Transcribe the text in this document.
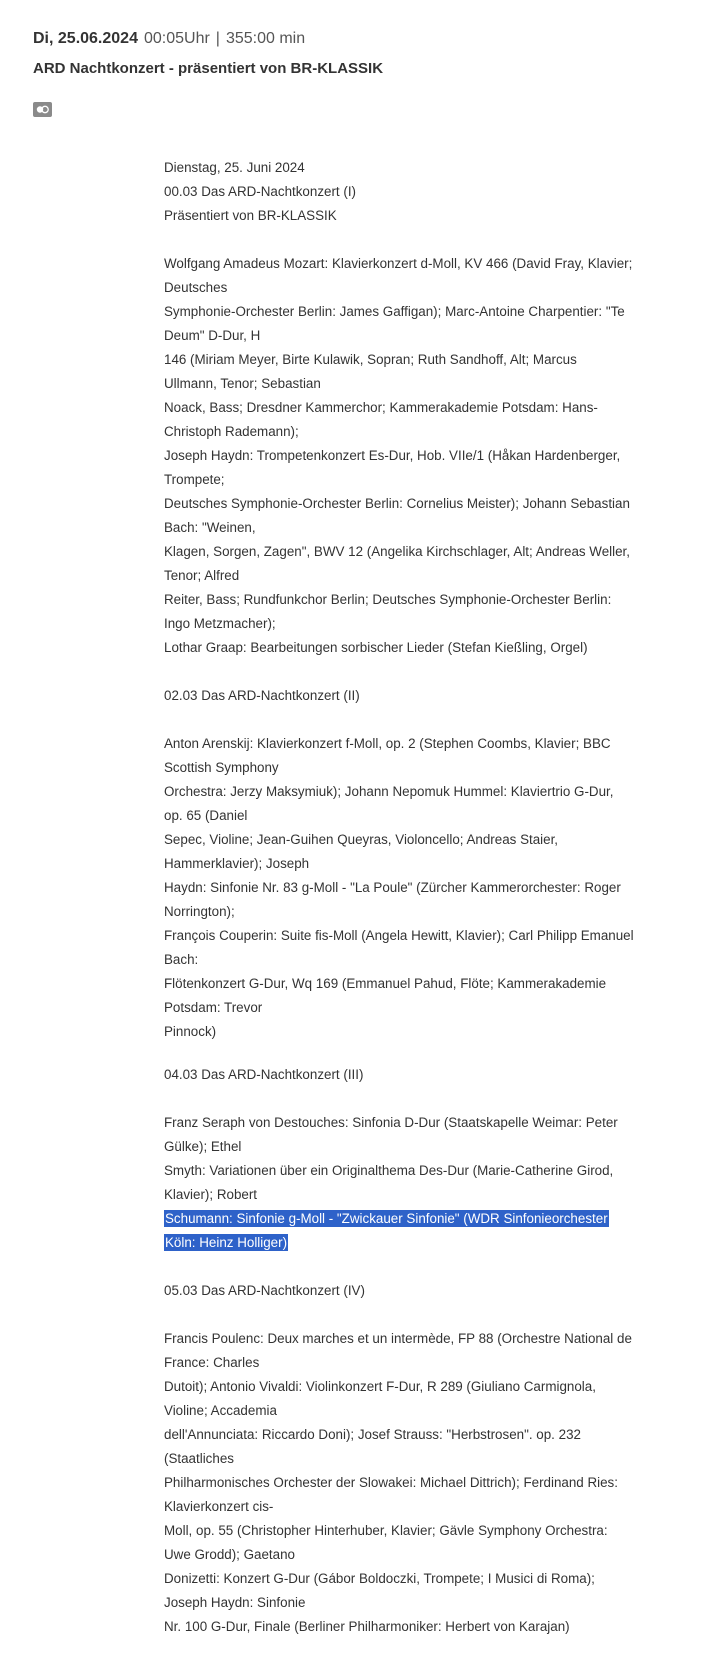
Di, 25.06.2024 00:05Uhr | 355:00 min
ARD Nachtkonzert - präsentiert von BR-KLASSIK
Dienstag, 25. Juni 2024
00.03 Das ARD-Nachtkonzert (I)
Präsentiert von BR-KLASSIK
Wolfgang Amadeus Mozart: Klavierkonzert d-Moll, KV 466 (David Fray, Klavier;
Deutsches
Symphonie-Orchester Berlin: James Gaffigan); Marc-Antoine Charpentier: "Te
Deum" D-Dur, H
146 (Miriam Meyer, Birte Kulawik, Sopran; Ruth Sandhoff, Alt; Marcus
Ullmann, Tenor; Sebastian
Noack, Bass; Dresdner Kammerchor; Kammerakademie Potsdam: Hans-
Christoph Rademann);
Joseph Haydn: Trompetenkonzert Es-Dur, Hob. VIIe/1 (Håkan Hardenberger,
Trompete;
Deutsches Symphonie-Orchester Berlin: Cornelius Meister); Johann Sebastian
Bach: "Weinen,
Klagen, Sorgen, Zagen", BWV 12 (Angelika Kirchschlager, Alt; Andreas Weller,
Tenor; Alfred
Reiter, Bass; Rundfunkchor Berlin; Deutsches Symphonie-Orchester Berlin:
Ingo Metzmacher);
Lothar Graap: Bearbeitungen sorbischer Lieder (Stefan Kießling, Orgel)
02.03 Das ARD-Nachtkonzert (II)
Anton Arenskij: Klavierkonzert f-Moll, op. 2 (Stephen Coombs, Klavier; BBC
Scottish Symphony
Orchestra: Jerzy Maksymiuk); Johann Nepomuk Hummel: Klaviertrio G-Dur,
op. 65 (Daniel
Sepec, Violine; Jean-Guihen Queyras, Violoncello; Andreas Staier,
Hammerklavier); Joseph
Haydn: Sinfonie Nr. 83 g-Moll - "La Poule" (Zürcher Kammerorchester: Roger
Norrington);
François Couperin: Suite fis-Moll (Angela Hewitt, Klavier); Carl Philipp Emanuel
Bach:
Flötenkonzert G-Dur, Wq 169 (Emmanuel Pahud, Flöte; Kammerakademie
Potsdam: Trevor
Pinnock)
04.03 Das ARD-Nachtkonzert (III)
Franz Seraph von Destouches: Sinfonia D-Dur (Staatskapelle Weimar: Peter
Gülke); Ethel
Smyth: Variationen über ein Originalthema Des-Dur (Marie-Catherine Girod,
Klavier); Robert
Schumann: Sinfonie g-Moll - "Zwickauer Sinfonie" (WDR Sinfonieorchester
Köln: Heinz Holliger)
05.03 Das ARD-Nachtkonzert (IV)
Francis Poulenc: Deux marches et un intermède, FP 88 (Orchestre National de
France: Charles
Dutoit); Antonio Vivaldi: Violinkonzert F-Dur, R 289 (Giuliano Carmignola,
Violine; Accademia
dell'Annunciata: Riccardo Doni); Josef Strauss: "Herbstrosen". op. 232
(Staatliches
Philharmonisches Orchester der Slowakei: Michael Dittrich); Ferdinand Ries:
Klavierkonzert cis-
Moll, op. 55 (Christopher Hinterhuber, Klavier; Gävle Symphony Orchestra:
Uwe Grodd); Gaetano
Donizetti: Konzert G-Dur (Gábor Boldoczki, Trompete; I Musici di Roma);
Joseph Haydn: Sinfonie
Nr. 100 G-Dur, Finale (Berliner Philharmoniker: Herbert von Karajan)
